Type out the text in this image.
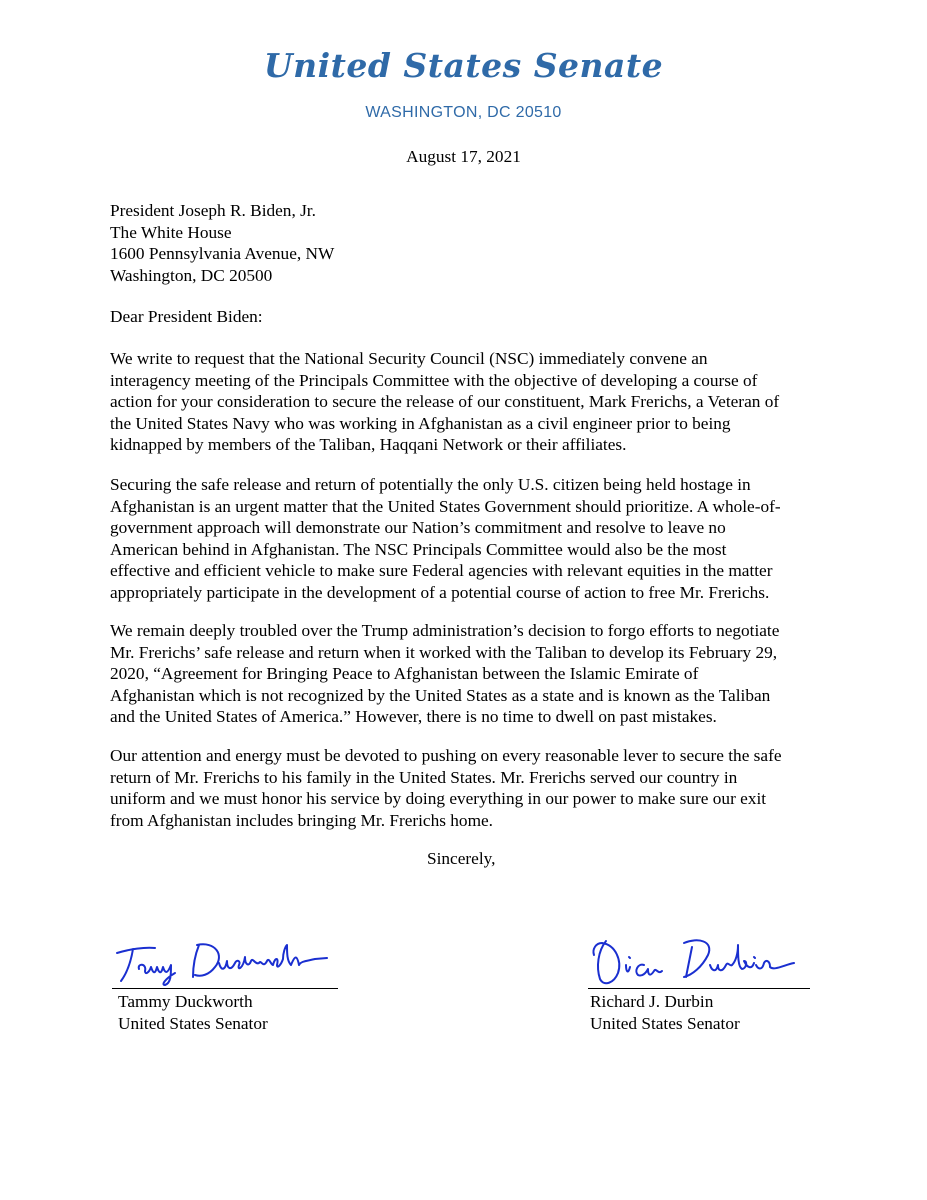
United States Senate
WASHINGTON, DC 20510
August 17, 2021
President Joseph R. Biden, Jr.
The White House
1600 Pennsylvania Avenue, NW
Washington, DC 20500
Dear President Biden:
We write to request that the National Security Council (NSC) immediately convene an
interagency meeting of the Principals Committee with the objective of developing a course of
action for your consideration to secure the release of our constituent, Mark Frerichs, a Veteran of
the United States Navy who was working in Afghanistan as a civil engineer prior to being
kidnapped by members of the Taliban, Haqqani Network or their affiliates.
Securing the safe release and return of potentially the only U.S. citizen being held hostage in
Afghanistan is an urgent matter that the United States Government should prioritize. A whole-of-
government approach will demonstrate our Nation’s commitment and resolve to leave no
American behind in Afghanistan. The NSC Principals Committee would also be the most
effective and efficient vehicle to make sure Federal agencies with relevant equities in the matter
appropriately participate in the development of a potential course of action to free Mr. Frerichs.
We remain deeply troubled over the Trump administration’s decision to forgo efforts to negotiate
Mr. Frerichs’ safe release and return when it worked with the Taliban to develop its February 29,
2020, “Agreement for Bringing Peace to Afghanistan between the Islamic Emirate of
Afghanistan which is not recognized by the United States as a state and is known as the Taliban
and the United States of America.” However, there is no time to dwell on past mistakes.
Our attention and energy must be devoted to pushing on every reasonable lever to secure the safe
return of Mr. Frerichs to his family in the United States. Mr. Frerichs served our country in
uniform and we must honor his service by doing everything in our power to make sure our exit
from Afghanistan includes bringing Mr. Frerichs home.
Sincerely,
Tammy Duckworth
United States Senator
Richard J. Durbin
United States Senator
